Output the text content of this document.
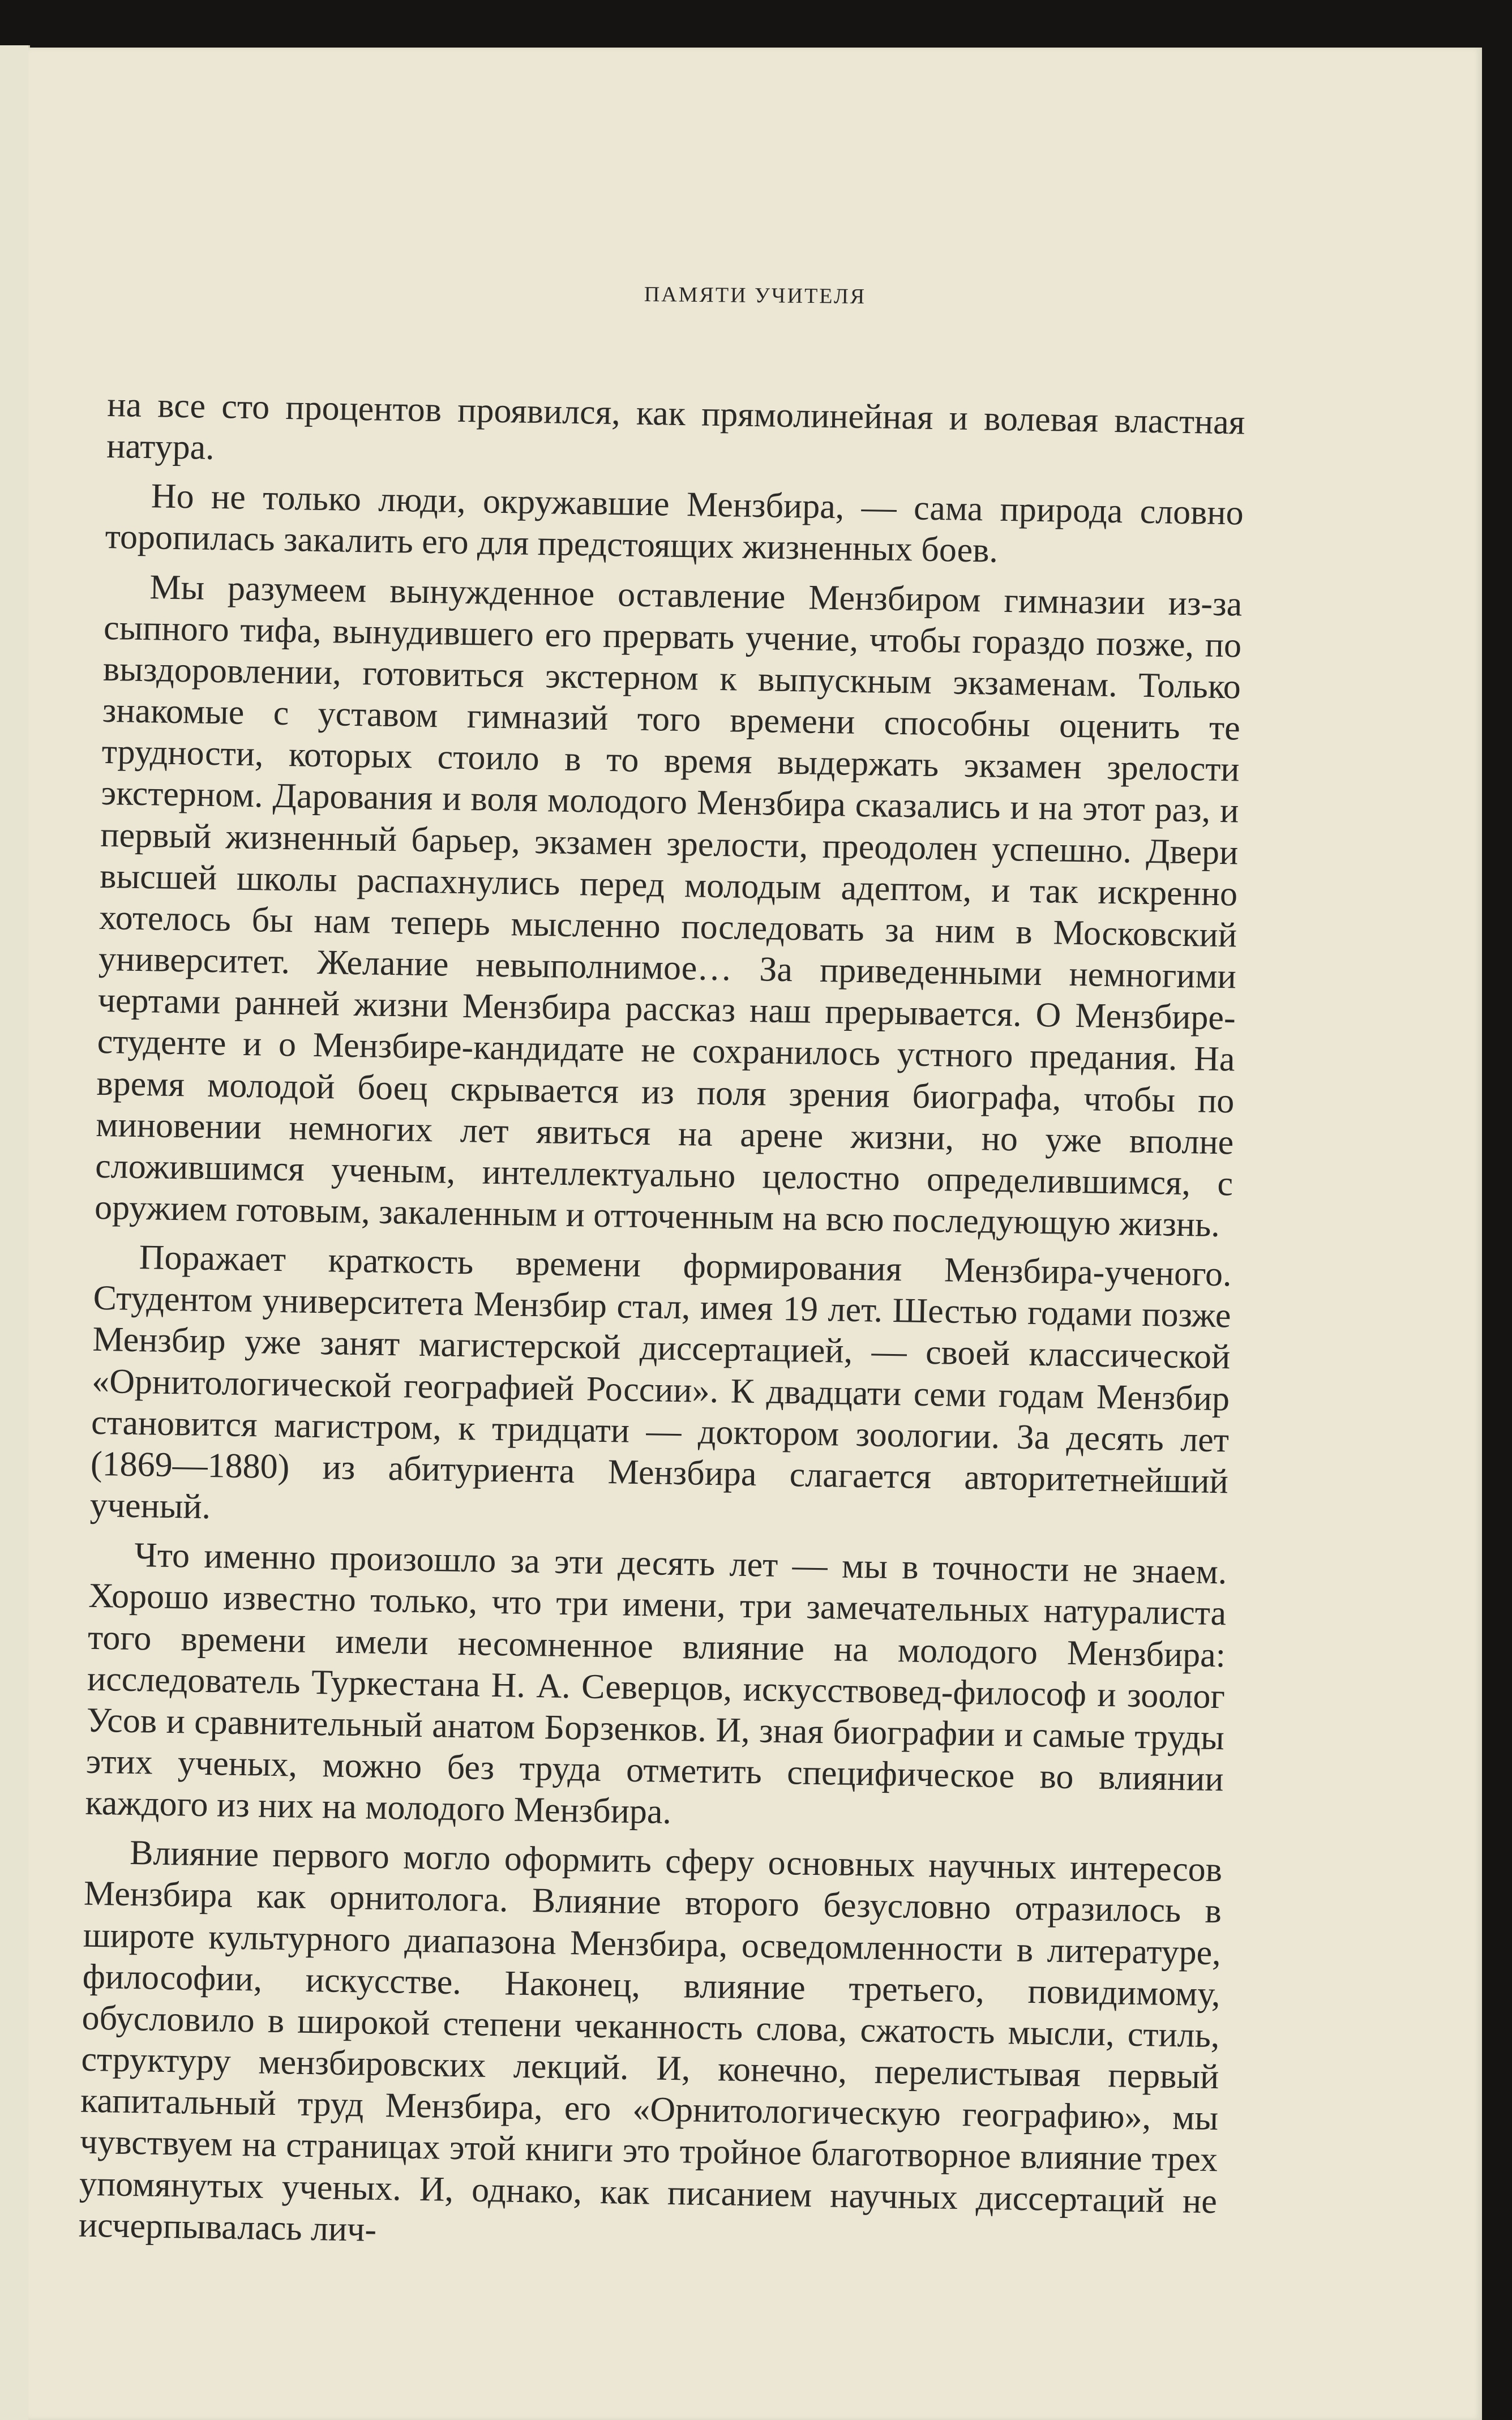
ПАМЯТИ УЧИТЕЛЯ

на все сто процентов проявился, как прямолинейная и волевая властная натура.

Но не только люди, окружавшие Мензбира, — сама природа словно торопилась закалить его для предстоящих жизненных боев.

Мы разумеем вынужденное оставление Мензбиром гимназии из-за сыпного тифа, вынудившего его прервать учение, чтобы гораздо позже, по выздоровлении, готовиться экстерном к выпускным экзаменам. Только знакомые с уставом гимназий того времени способны оценить те трудности, которых стоило в то время выдержать экзамен зрелости экстерном. Дарования и воля молодого Мензбира сказались и на этот раз, и первый жизненный барьер, экзамен зрелости, преодолен успешно. Двери высшей школы распахнулись перед молодым адептом, и так искренно хотелось бы нам теперь мысленно последовать за ним в Московский университет. Желание невыполнимое… За приведенными немногими чертами ранней жизни Мензбира рассказ наш прерывается. О Мензбире-студенте и о Мензбире-кандидате не сохранилось устного предания. На время молодой боец скрывается из поля зрения биографа, чтобы по миновении немногих лет явиться на арене жизни, но уже вполне сложившимся ученым, интеллектуально целостно определившимся, с оружием готовым, закаленным и отточенным на всю последующую жизнь.

Поражает краткость времени формирования Мензбира-ученого. Студентом университета Мензбир стал, имея 19 лет. Шестью годами позже Мензбир уже занят магистерской диссертацией, — своей классической «Орнитологической географией России». К двадцати семи годам Мензбир становится магистром, к тридцати — доктором зоологии. За десять лет (1869—1880) из абитуриента Мензбира слагается авторитетнейший ученый.

Что именно произошло за эти десять лет — мы в точности не знаем. Хорошо известно только, что три имени, три замечательных натуралиста того времени имели несомненное влияние на молодого Мензбира: исследователь Туркестана Н. А. Северцов, искусствовед-философ и зоолог Усов и сравнительный анатом Борзенков. И, зная биографии и самые труды этих ученых, можно без труда отметить специфическое во влиянии каждого из них на молодого Мензбира.

Влияние первого могло оформить сферу основных научных интересов Мензбира как орнитолога. Влияние второго безусловно отразилось в широте культурного диапазона Мензбира, осведомленности в литературе, философии, искусстве. Наконец, влияние третьего, повидимому, обусловило в широкой степени чеканность слова, сжатость мысли, стиль, структуру мензбировских лекций. И, конечно, перелистывая первый капитальный труд Мензбира, его «Орнитологическую географию», мы чувствуем на страницах этой книги это тройное благотворное влияние трех упомянутых ученых. И, однако, как писанием научных диссертаций не исчерпывалась лич-
